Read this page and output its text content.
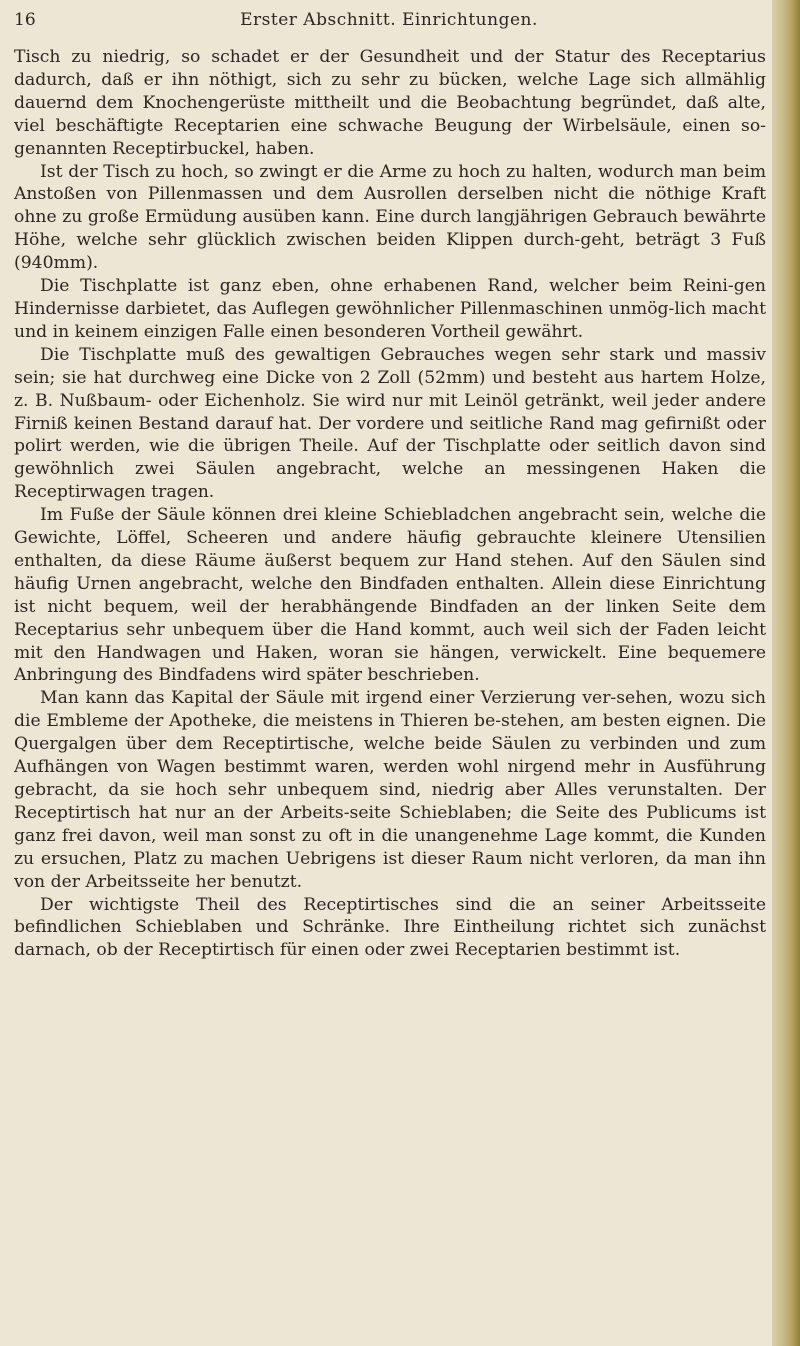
16	Erster Abschnitt. Einrichtungen.

Tisch zu niedrig, so schadet er der Gesundheit und der Statur des Receptarius dadurch, daß er ihn nöthigt, sich zu sehr zu bücken, welche Lage sich allmählig dauernd dem Knochengerüste mittheilt und die Beobachtung begründet, daß alte, viel beschäftigte Receptarien eine schwache Beugung der Wirbelsäule, einen so-genannten Receptirbuckel, haben.

Ist der Tisch zu hoch, so zwingt er die Arme zu hoch zu halten, wodurch man beim Anstoßen von Pillenmassen und dem Ausrollen derselben nicht die nöthige Kraft ohne zu große Ermüdung ausüben kann. Eine durch langjährigen Gebrauch bewährte Höhe, welche sehr glücklich zwischen beiden Klippen durch-geht, beträgt 3 Fuß (940mm).

Die Tischplatte ist ganz eben, ohne erhabenen Rand, welcher beim Reini-gen Hindernisse darbietet, das Auflegen gewöhnlicher Pillenmaschinen unmög-lich macht und in keinem einzigen Falle einen besonderen Vortheil gewährt.

Die Tischplatte muß des gewaltigen Gebrauches wegen sehr stark und massiv sein; sie hat durchweg eine Dicke von 2 Zoll (52mm) und besteht aus hartem Holze, z. B. Nußbaum- oder Eichenholz. Sie wird nur mit Leinöl getränkt, weil jeder andere Firniß keinen Bestand darauf hat. Der vordere und seitliche Rand mag gefirnißt oder polirt werden, wie die übrigen Theile. Auf der Tischplatte oder seitlich davon sind gewöhnlich zwei Säulen angebracht, welche an messingenen Haken die Receptirwagen tragen.

Im Fuße der Säule können drei kleine Schiebladchen angebracht sein, welche die Gewichte, Löffel, Scheeren und andere häufig gebrauchte kleinere Utensilien enthalten, da diese Räume äußerst bequem zur Hand stehen. Auf den Säulen sind häufig Urnen angebracht, welche den Bindfaden enthalten. Allein diese Einrichtung ist nicht bequem, weil der herabhängende Bindfaden an der linken Seite dem Receptarius sehr unbequem über die Hand kommt, auch weil sich der Faden leicht mit den Handwagen und Haken, woran sie hängen, verwickelt. Eine bequemere Anbringung des Bindfadens wird später beschrieben.

Man kann das Kapital der Säule mit irgend einer Verzierung ver-sehen, wozu sich die Embleme der Apotheke, die meistens in Thieren be-stehen, am besten eignen. Die Quergalgen über dem Receptirtische, welche beide Säulen zu verbinden und zum Aufhängen von Wagen bestimmt waren, werden wohl nirgend mehr in Ausführung gebracht, da sie hoch sehr unbequem sind, niedrig aber Alles verunstalten. Der Receptirtisch hat nur an der Arbeits-seite Schieblaben; die Seite des Publicums ist ganz frei davon, weil man sonst zu oft in die unangenehme Lage kommt, die Kunden zu ersuchen, Platz zu machen Uebrigens ist dieser Raum nicht verloren, da man ihn von der Arbeitsseite her benutzt.

Der wichtigste Theil des Receptirtisches sind die an seiner Arbeitsseite befindlichen Schieblaben und Schränke. Ihre Eintheilung richtet sich zunächst darnach, ob der Receptirtisch für einen oder zwei Receptarien bestimmt ist.
